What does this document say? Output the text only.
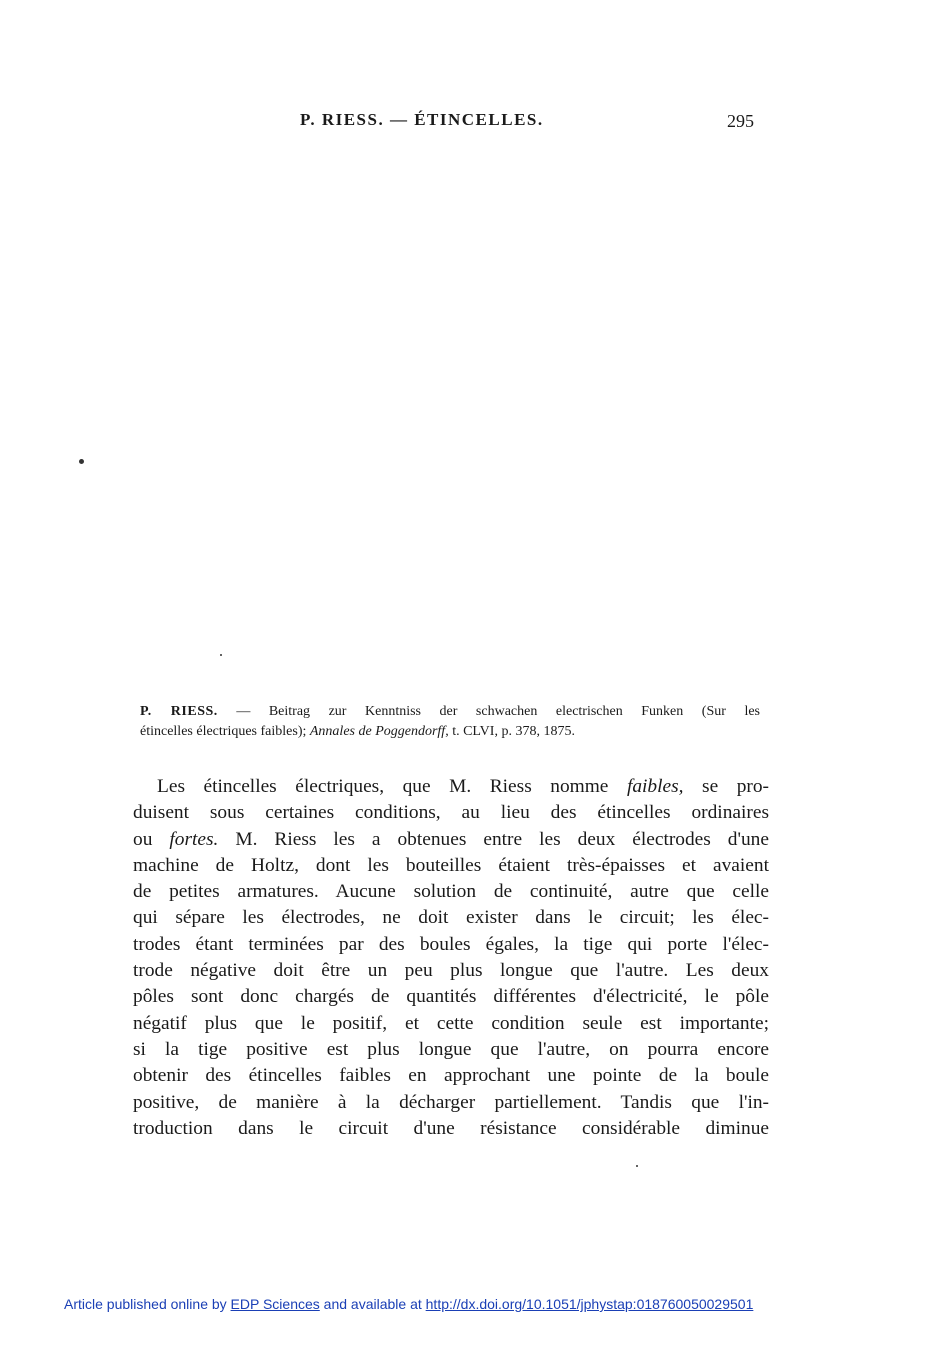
P. RIESS. — ÉTINCELLES.	295
P. RIESS. — Beitrag zur Kenntniss der schwachen electrischen Funken (Sur les
étincelles électriques faibles); Annales de Poggendorff, t. CLVI, p. 378, 1875.
Les étincelles électriques, que M. Riess nomme faibles, se pro-
duisent sous certaines conditions, au lieu des étincelles ordinaires
ou fortes. M. Riess les a obtenues entre les deux électrodes d'une
machine de Holtz, dont les bouteilles étaient très-épaisses et avaient
de petites armatures. Aucune solution de continuité, autre que celle
qui sépare les électrodes, ne doit exister dans le circuit; les élec-
trodes étant terminées par des boules égales, la tige qui porte l'élec-
trode négative doit être un peu plus longue que l'autre. Les deux
pôles sont donc chargés de quantités différentes d'électricité, le pôle
négatif plus que le positif, et cette condition seule est importante;
si la tige positive est plus longue que l'autre, on pourra encore
obtenir des étincelles faibles en approchant une pointe de la boule
positive, de manière à la décharger partiellement. Tandis que l'in-
troduction dans le circuit d'une résistance considérable diminue
Article published online by EDP Sciences and available at http://dx.doi.org/10.1051/jphystap:018760050029501
